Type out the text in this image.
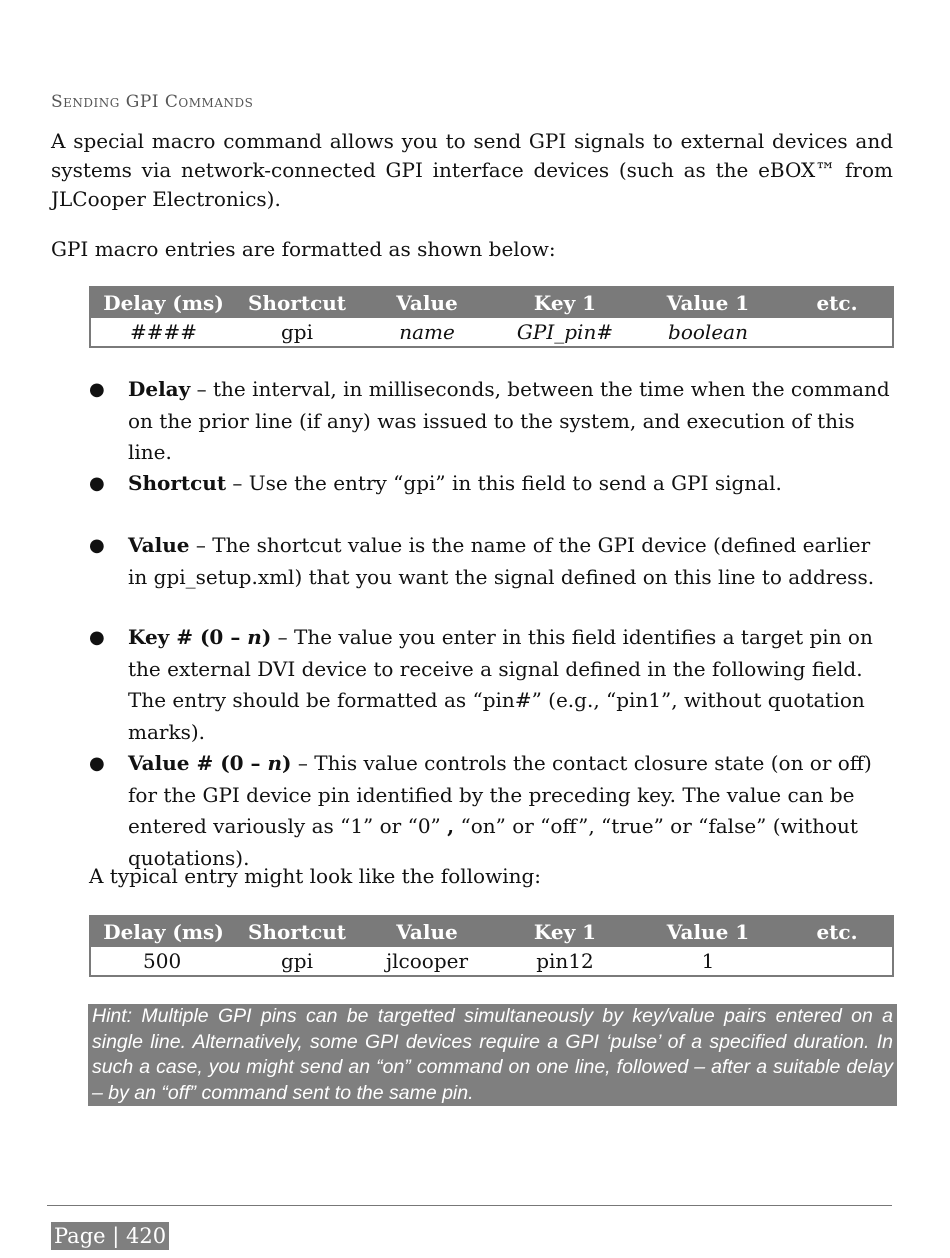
Sending GPI Commands
A special macro command allows you to send GPI signals to external devices and systems via network-connected GPI interface devices (such as the eBOX™ from JLCooper Electronics).
GPI macro entries are formatted as shown below:
Delay (ms)	Shortcut	Value	Key 1	Value 1	etc.
####	gpi	name	GPI_pin#	boolean	
●	Delay – the interval, in milliseconds, between the time when the command on the prior line (if any) was issued to the system, and execution of this line.
●	Shortcut – Use the entry “gpi” in this field to send a GPI signal.
●	Value – The shortcut value is the name of the GPI device (defined earlier in gpi_setup.xml) that you want the signal defined on this line to address.
●	Key # (0 – n) – The value you enter in this field identifies a target pin on the external DVI device to receive a signal defined in the following field. The entry should be formatted as “pin#” (e.g., “pin1”, without quotation marks).
●	Value # (0 – n) – This value controls the contact closure state (on or off) for the GPI device pin identified by the preceding key. The value can be entered variously as “1” or “0” , “on” or “off”, “true” or “false” (without quotations).
A typical entry might look like the following:
Delay (ms)	Shortcut	Value	Key 1	Value 1	etc.
500	gpi	jlcooper	pin12	1	
Hint: Multiple GPI pins can be targetted simultaneously by key/value pairs entered on a single line. Alternatively, some GPI devices require a GPI ‘pulse’ of a specified duration. In such a case, you might send an “on” command on one line, followed – after a suitable delay – by an “off” command sent to the same pin.
Page | 420
